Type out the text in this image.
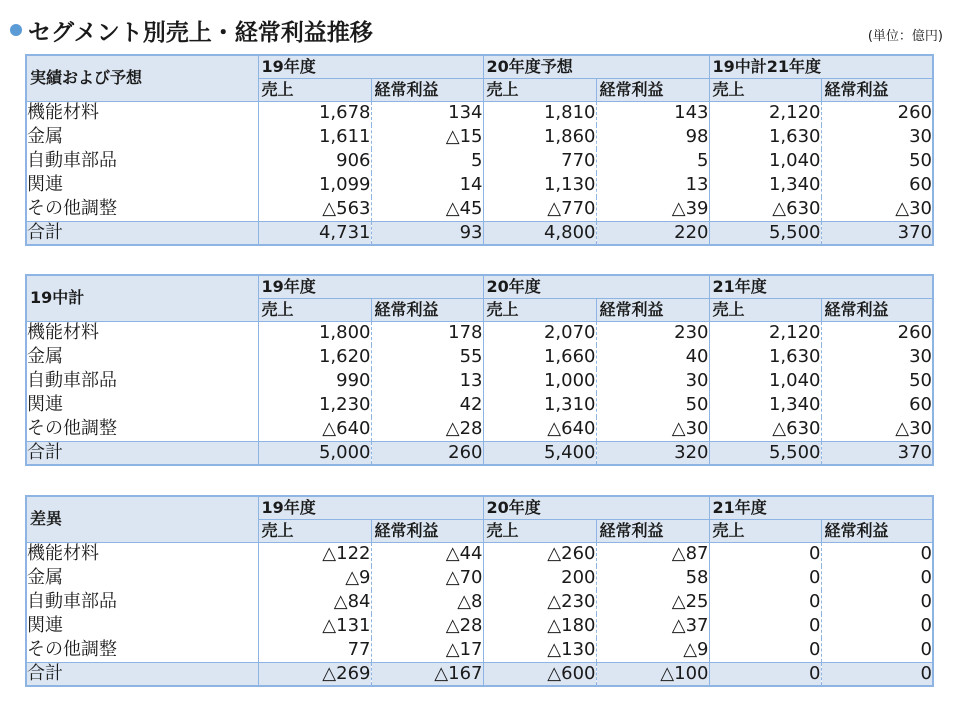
セグメント別売上・経常利益推移	(単位：億円)
実績および予想	19年度		20年度予想		19中計21年度	
	売上	経常利益	売上	経常利益	売上	経常利益
機能材料	1,678	134	1,810	143	2,120	260
金属	1,611	△15	1,860	98	1,630	30
自動車部品	906	5	770	5	1,040	50
関連	1,099	14	1,130	13	1,340	60
その他調整	△563	△45	△770	△39	△630	△30
合計	4,731	93	4,800	220	5,500	370
19中計	19年度		20年度		21年度	
	売上	経常利益	売上	経常利益	売上	経常利益
機能材料	1,800	178	2,070	230	2,120	260
金属	1,620	55	1,660	40	1,630	30
自動車部品	990	13	1,000	30	1,040	50
関連	1,230	42	1,310	50	1,340	60
その他調整	△640	△28	△640	△30	△630	△30
合計	5,000	260	5,400	320	5,500	370
差異	19年度		20年度		21年度	
	売上	経常利益	売上	経常利益	売上	経常利益
機能材料	△122	△44	△260	△87	0	0
金属	△9	△70	200	58	0	0
自動車部品	△84	△8	△230	△25	0	0
関連	△131	△28	△180	△37	0	0
その他調整	77	△17	△130	△9	0	0
合計	△269	△167	△600	△100	0	0
